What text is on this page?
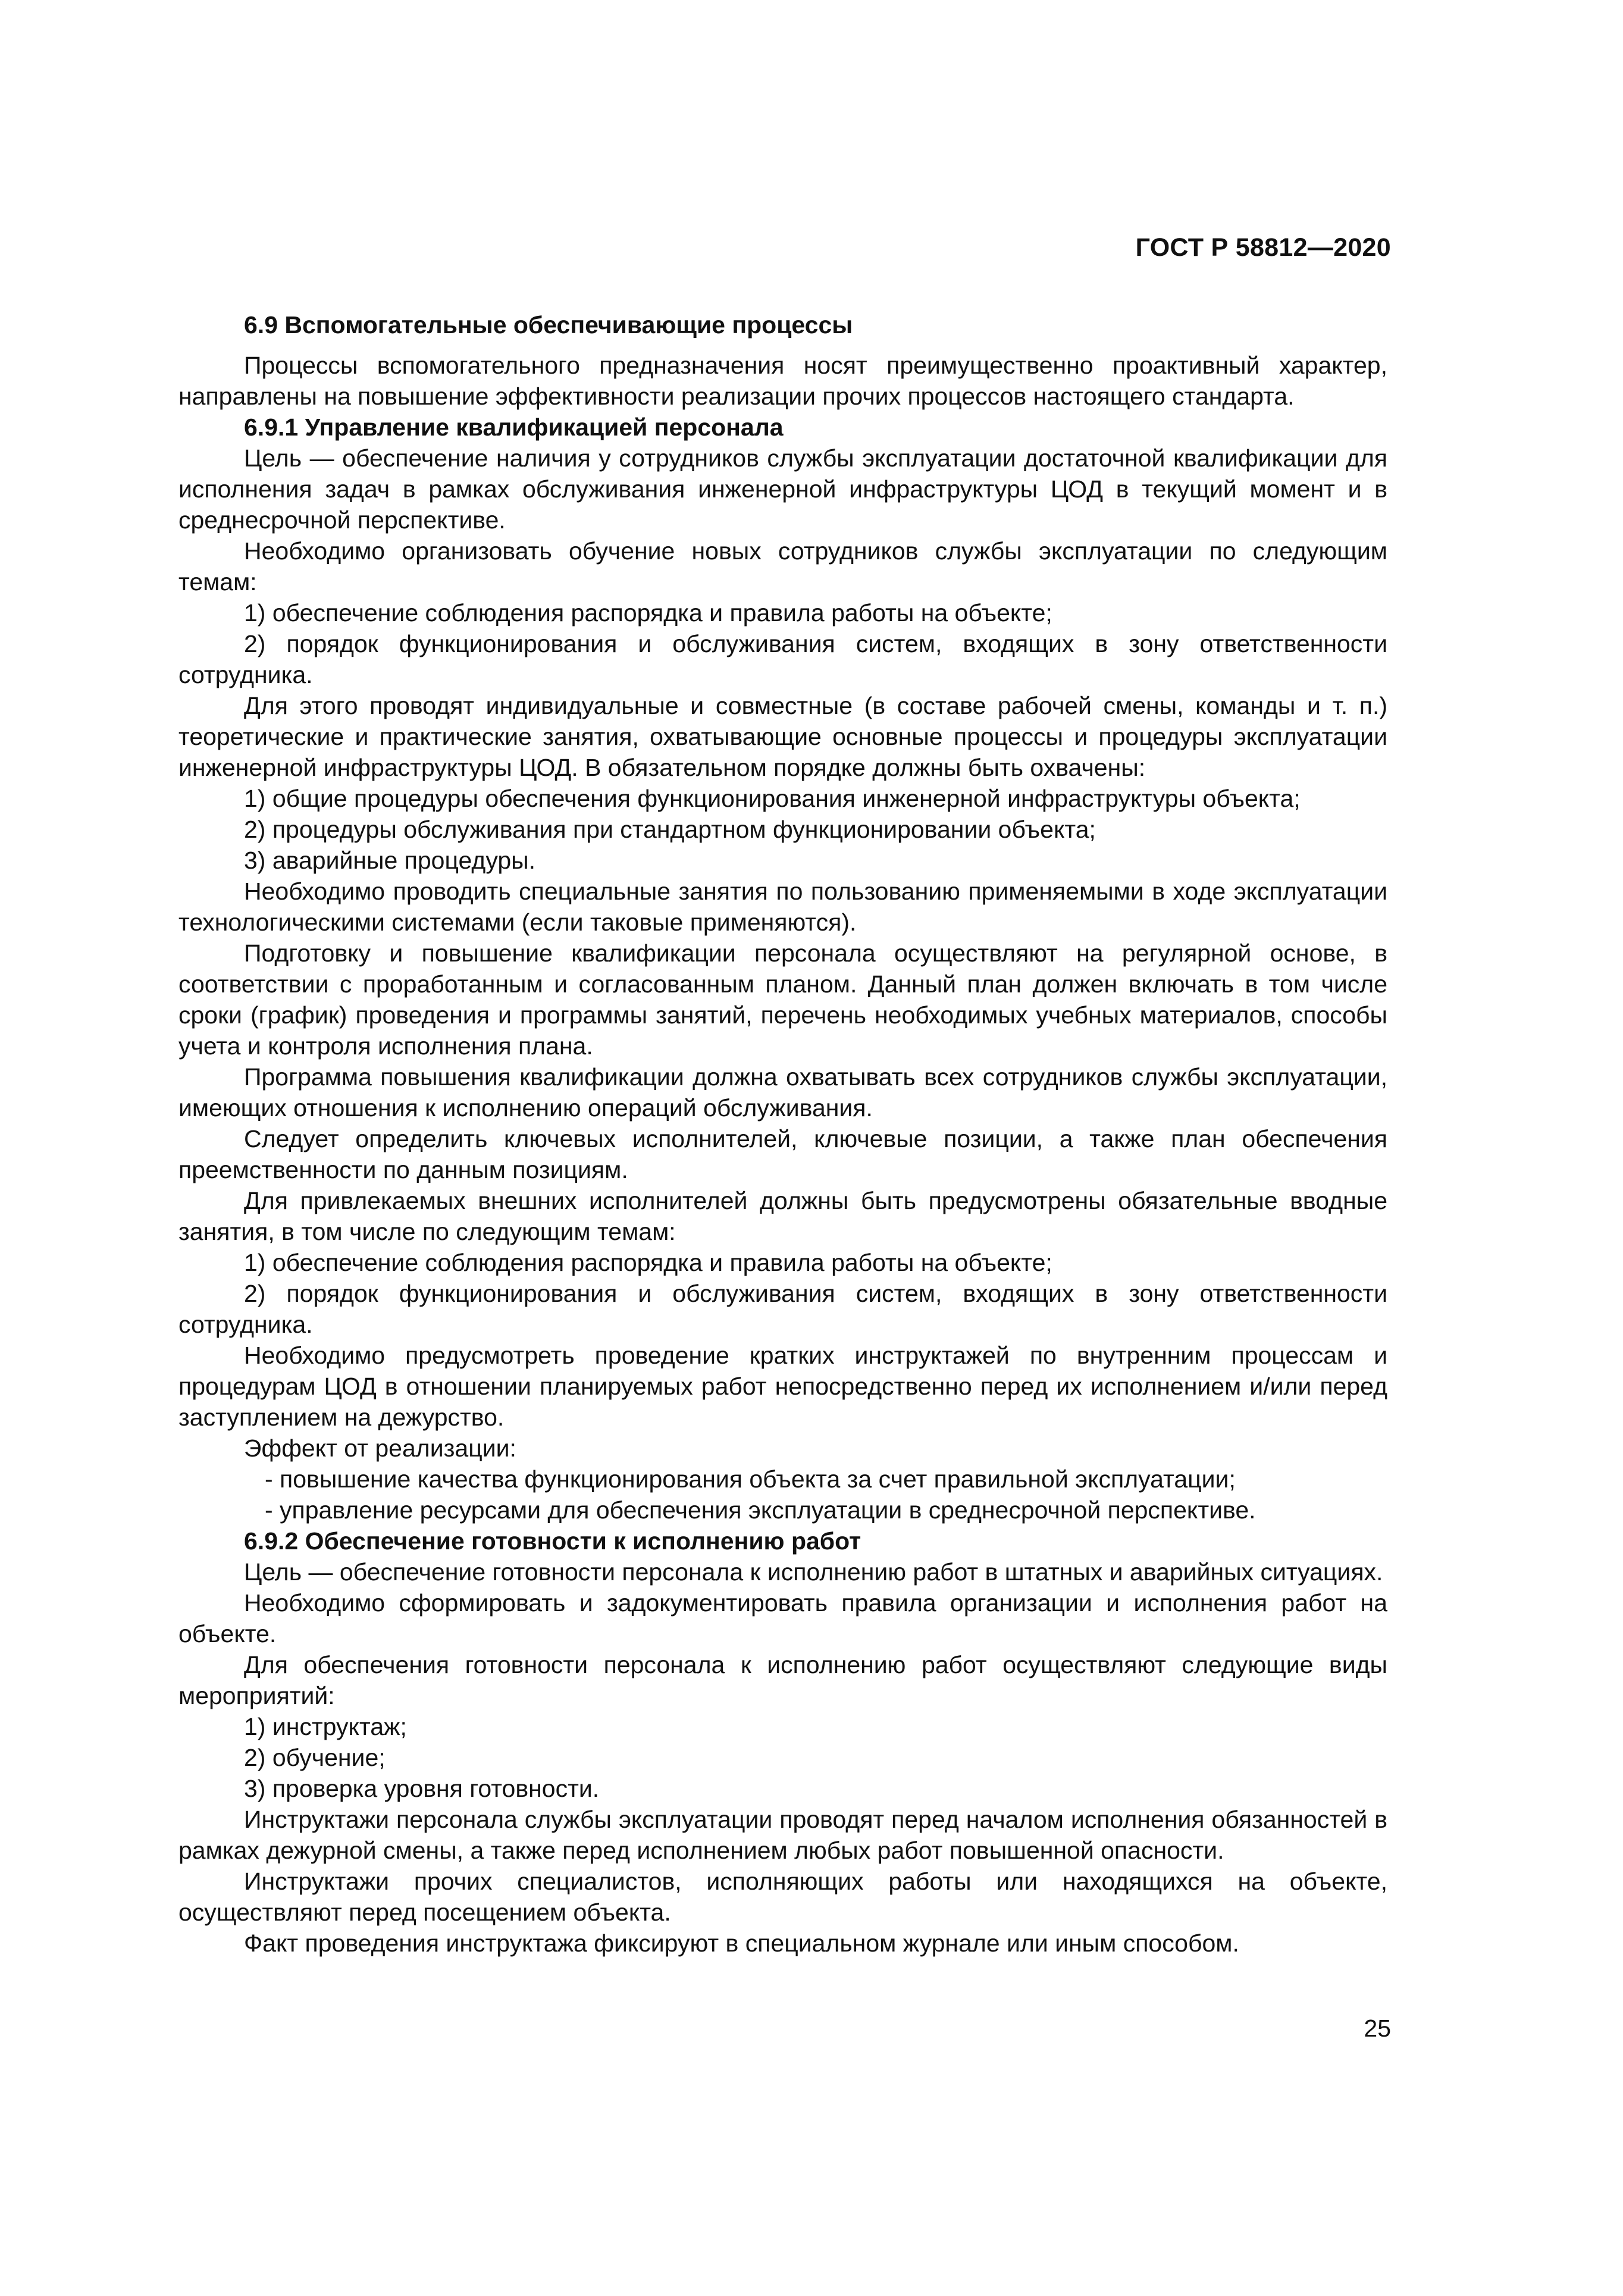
ГОСТ Р 58812—2020

6.9 Вспомогательные обеспечивающие процессы

Процессы вспомогательного предназначения носят преимущественно проактивный характер, направлены на повышение эффективности реализации прочих процессов настоящего стандарта.

6.9.1 Управление квалификацией персонала

Цель — обеспечение наличия у сотрудников службы эксплуатации достаточной квалификации для исполнения задач в рамках обслуживания инженерной инфраструктуры ЦОД в текущий момент и в среднесрочной перспективе.

Необходимо организовать обучение новых сотрудников службы эксплуатации по следующим темам:

1) обеспечение соблюдения распорядка и правила работы на объекте;

2) порядок функционирования и обслуживания систем, входящих в зону ответственности сотрудника.

Для этого проводят индивидуальные и совместные (в составе рабочей смены, команды и т. п.) теоретические и практические занятия, охватывающие основные процессы и процедуры эксплуатации инженерной инфраструктуры ЦОД. В обязательном порядке должны быть охвачены:

1) общие процедуры обеспечения функционирования инженерной инфраструктуры объекта;

2) процедуры обслуживания при стандартном функционировании объекта;

3) аварийные процедуры.

Необходимо проводить специальные занятия по пользованию применяемыми в ходе эксплуатации технологическими системами (если таковые применяются).

Подготовку и повышение квалификации персонала осуществляют на регулярной основе, в соответствии с проработанным и согласованным планом. Данный план должен включать в том числе сроки (график) проведения и программы занятий, перечень необходимых учебных материалов, способы учета и контроля исполнения плана.

Программа повышения квалификации должна охватывать всех сотрудников службы эксплуатации, имеющих отношения к исполнению операций обслуживания.

Следует определить ключевых исполнителей, ключевые позиции, а также план обеспечения преемственности по данным позициям.

Для привлекаемых внешних исполнителей должны быть предусмотрены обязательные вводные занятия, в том числе по следующим темам:

1) обеспечение соблюдения распорядка и правила работы на объекте;

2) порядок функционирования и обслуживания систем, входящих в зону ответственности сотрудника.

Необходимо предусмотреть проведение кратких инструктажей по внутренним процессам и процедурам ЦОД в отношении планируемых работ непосредственно перед их исполнением и/или перед заступлением на дежурство.

Эффект от реализации:

- повышение качества функционирования объекта за счет правильной эксплуатации;

- управление ресурсами для обеспечения эксплуатации в среднесрочной перспективе.

6.9.2 Обеспечение готовности к исполнению работ

Цель — обеспечение готовности персонала к исполнению работ в штатных и аварийных ситуациях.

Необходимо сформировать и задокументировать правила организации и исполнения работ на объекте.

Для обеспечения готовности персонала к исполнению работ осуществляют следующие виды мероприятий:

1) инструктаж;

2) обучение;

3) проверка уровня готовности.

Инструктажи персонала службы эксплуатации проводят перед началом исполнения обязанностей в рамках дежурной смены, а также перед исполнением любых работ повышенной опасности.

Инструктажи прочих специалистов, исполняющих работы или находящихся на объекте, осуществляют перед посещением объекта.

Факт проведения инструктажа фиксируют в специальном журнале или иным способом.

25
